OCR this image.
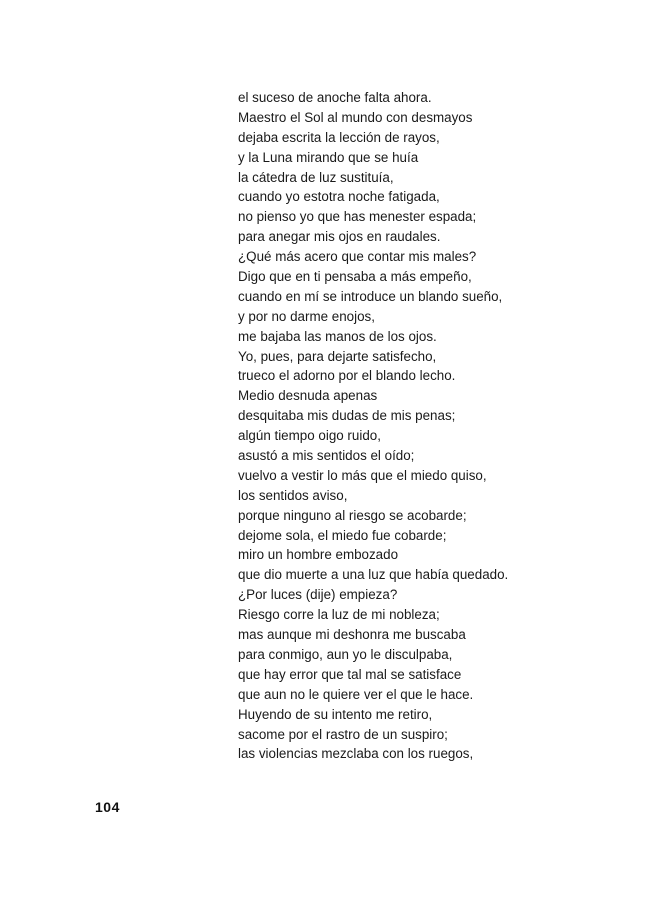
el suceso de anoche falta ahora.
Maestro el Sol al mundo con desmayos
dejaba escrita la lección de rayos,
y la Luna mirando que se huía
la cátedra de luz sustituía,
cuando yo estotra noche fatigada,
no pienso yo que has menester espada;
para anegar mis ojos en raudales.
¿Qué más acero que contar mis males?
Digo que en ti pensaba a más empeño,
cuando en mí se introduce un blando sueño,
y por no darme enojos,
me bajaba las manos de los ojos.
Yo, pues, para dejarte satisfecho,
trueco el adorno por el blando lecho.
Medio desnuda apenas
desquitaba mis dudas de mis penas;
algún tiempo oigo ruido,
asustó a mis sentidos el oído;
vuelvo a vestir lo más que el miedo quiso,
los sentidos aviso,
porque ninguno al riesgo se acobarde;
dejome sola, el miedo fue cobarde;
miro un hombre embozado
que dio muerte a una luz que había quedado.
¿Por luces (dije) empieza?
Riesgo corre la luz de mi nobleza;
mas aunque mi deshonra me buscaba
para conmigo, aun yo le disculpaba,
que hay error que tal mal se satisface
que aun no le quiere ver el que le hace.
Huyendo de su intento me retiro,
sacome por el rastro de un suspiro;
las violencias mezclaba con los ruegos,
104
